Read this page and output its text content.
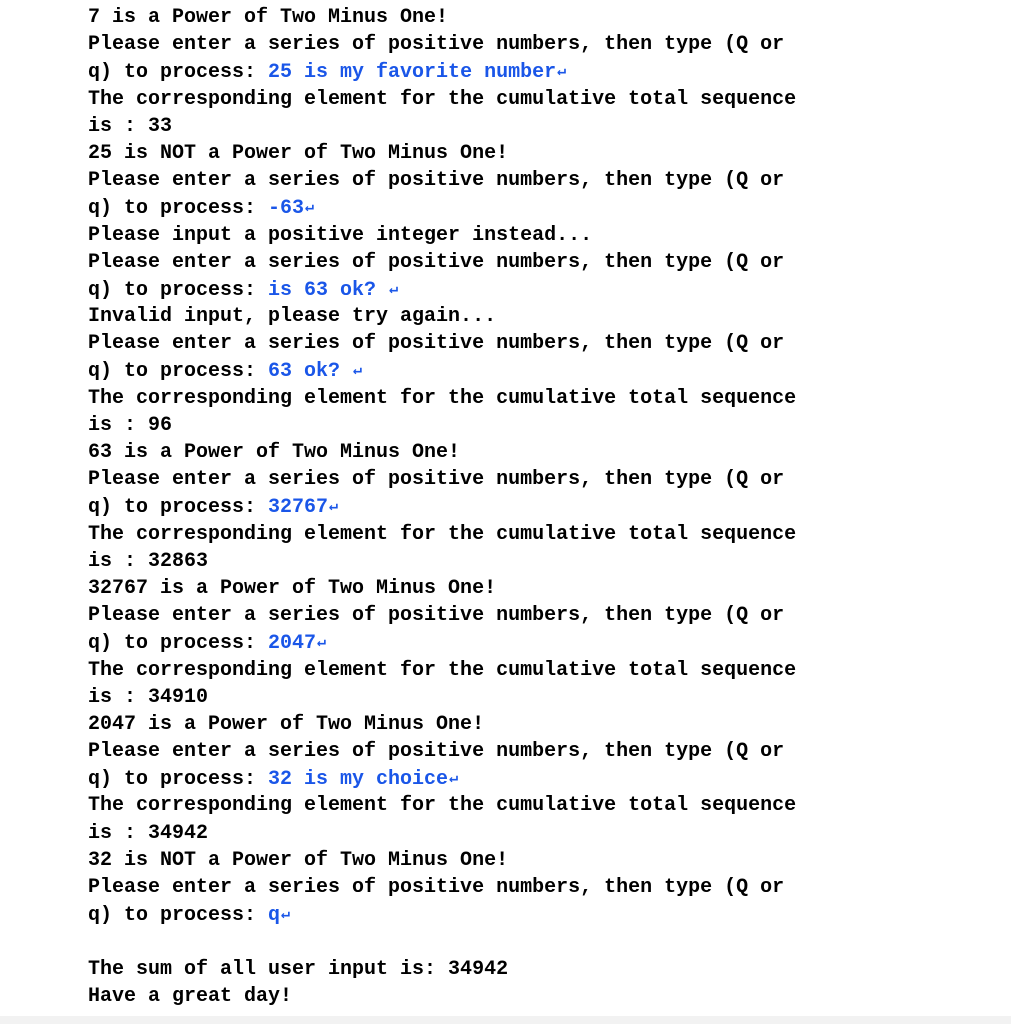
7 is a Power of Two Minus One!
Please enter a series of positive numbers, then type (Q or
q) to process: 25 is my favorite number↵
The corresponding element for the cumulative total sequence
is : 33
25 is NOT a Power of Two Minus One!
Please enter a series of positive numbers, then type (Q or
q) to process: -63↵
Please input a positive integer instead...
Please enter a series of positive numbers, then type (Q or
q) to process: is 63 ok? ↵
Invalid input, please try again...
Please enter a series of positive numbers, then type (Q or
q) to process: 63 ok? ↵
The corresponding element for the cumulative total sequence
is : 96
63 is a Power of Two Minus One!
Please enter a series of positive numbers, then type (Q or
q) to process: 32767↵
The corresponding element for the cumulative total sequence
is : 32863
32767 is a Power of Two Minus One!
Please enter a series of positive numbers, then type (Q or
q) to process: 2047↵
The corresponding element for the cumulative total sequence
is : 34910
2047 is a Power of Two Minus One!
Please enter a series of positive numbers, then type (Q or
q) to process: 32 is my choice↵
The corresponding element for the cumulative total sequence
is : 34942
32 is NOT a Power of Two Minus One!
Please enter a series of positive numbers, then type (Q or
q) to process: q↵
The sum of all user input is: 34942
Have a great day!
